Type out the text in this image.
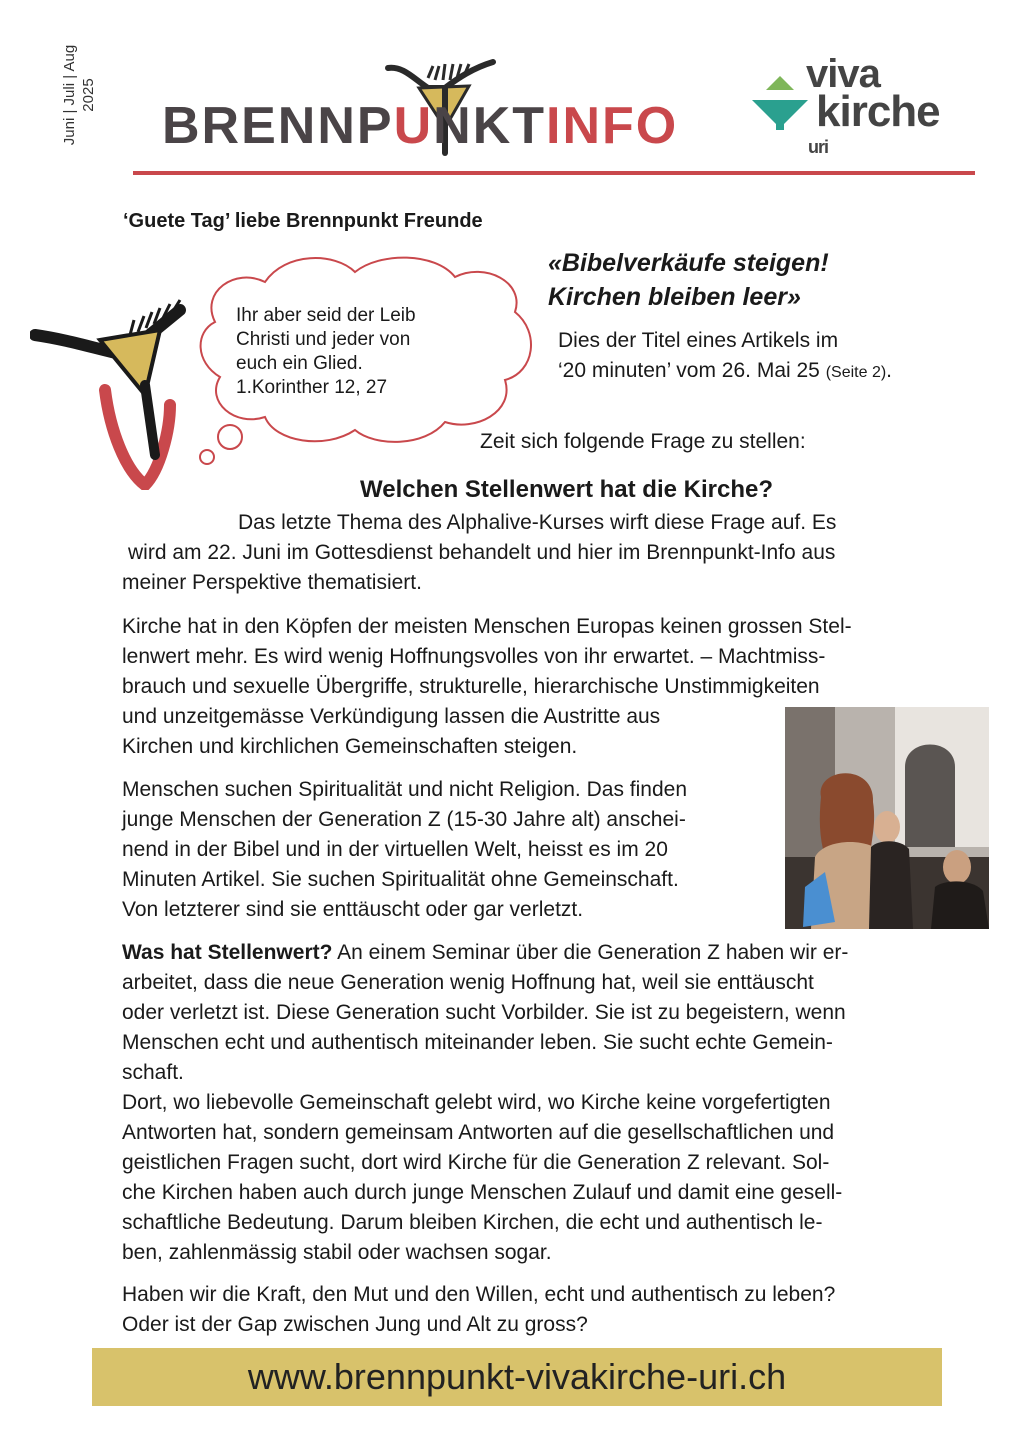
Juni | Juli | Aug 2025
BRENNPUNKTINFO
viva
kirche
uri
‘Guete Tag’ liebe Brennpunkt Freunde
«Bibelverkäufe steigen!
Kirchen bleiben leer»
Dies der Titel eines Artikels im
‘20 minuten’ vom 26. Mai 25 (Seite 2).
Ihr aber seid der Leib
Christi und jeder von
euch ein Glied.
1.Korinther 12, 27
Zeit sich folgende Frage zu stellen:
Welchen Stellenwert hat die Kirche?
Das letzte Thema des Alphalive-Kurses wirft diese Frage auf. Es
wird am 22. Juni im Gottesdienst behandelt und hier im Brennpunkt-Info aus
meiner Perspektive thematisiert.
Kirche hat in den Köpfen der meisten Menschen Europas keinen grossen Stel-
lenwert mehr. Es wird wenig Hoffnungsvolles von ihr erwartet. – Machtmiss-
brauch und sexuelle Übergriffe, strukturelle, hierarchische Unstimmigkeiten
und unzeitgemässe Verkündigung lassen die Austritte aus
Kirchen und kirchlichen Gemeinschaften steigen.
Menschen suchen Spiritualität und nicht Religion. Das finden
junge Menschen der Generation Z (15-30 Jahre alt) anschei-
nend in der Bibel und in der virtuellen Welt, heisst es im 20
Minuten Artikel. Sie suchen Spiritualität ohne Gemeinschaft.
Von letzterer sind sie enttäuscht oder gar verletzt.
Was hat Stellenwert? An einem Seminar über die Generation Z haben wir er-
arbeitet, dass die neue Generation wenig Hoffnung hat, weil sie enttäuscht
oder verletzt ist. Diese Generation sucht Vorbilder. Sie ist zu begeistern, wenn
Menschen echt und authentisch miteinander leben. Sie sucht echte Gemein-
schaft.
Dort, wo liebevolle Gemeinschaft gelebt wird, wo Kirche keine vorgefertigten
Antworten hat, sondern gemeinsam Antworten auf die gesellschaftlichen und
geistlichen Fragen sucht, dort wird Kirche für die Generation Z relevant. Sol-
che Kirchen haben auch durch junge Menschen Zulauf und damit eine gesell-
schaftliche Bedeutung. Darum bleiben Kirchen, die echt und authentisch le-
ben, zahlenmässig stabil oder wachsen sogar.
Haben wir die Kraft, den Mut und den Willen, echt und authentisch zu leben?
Oder ist der Gap zwischen Jung und Alt zu gross?
www.brennpunkt-vivakirche-uri.ch
